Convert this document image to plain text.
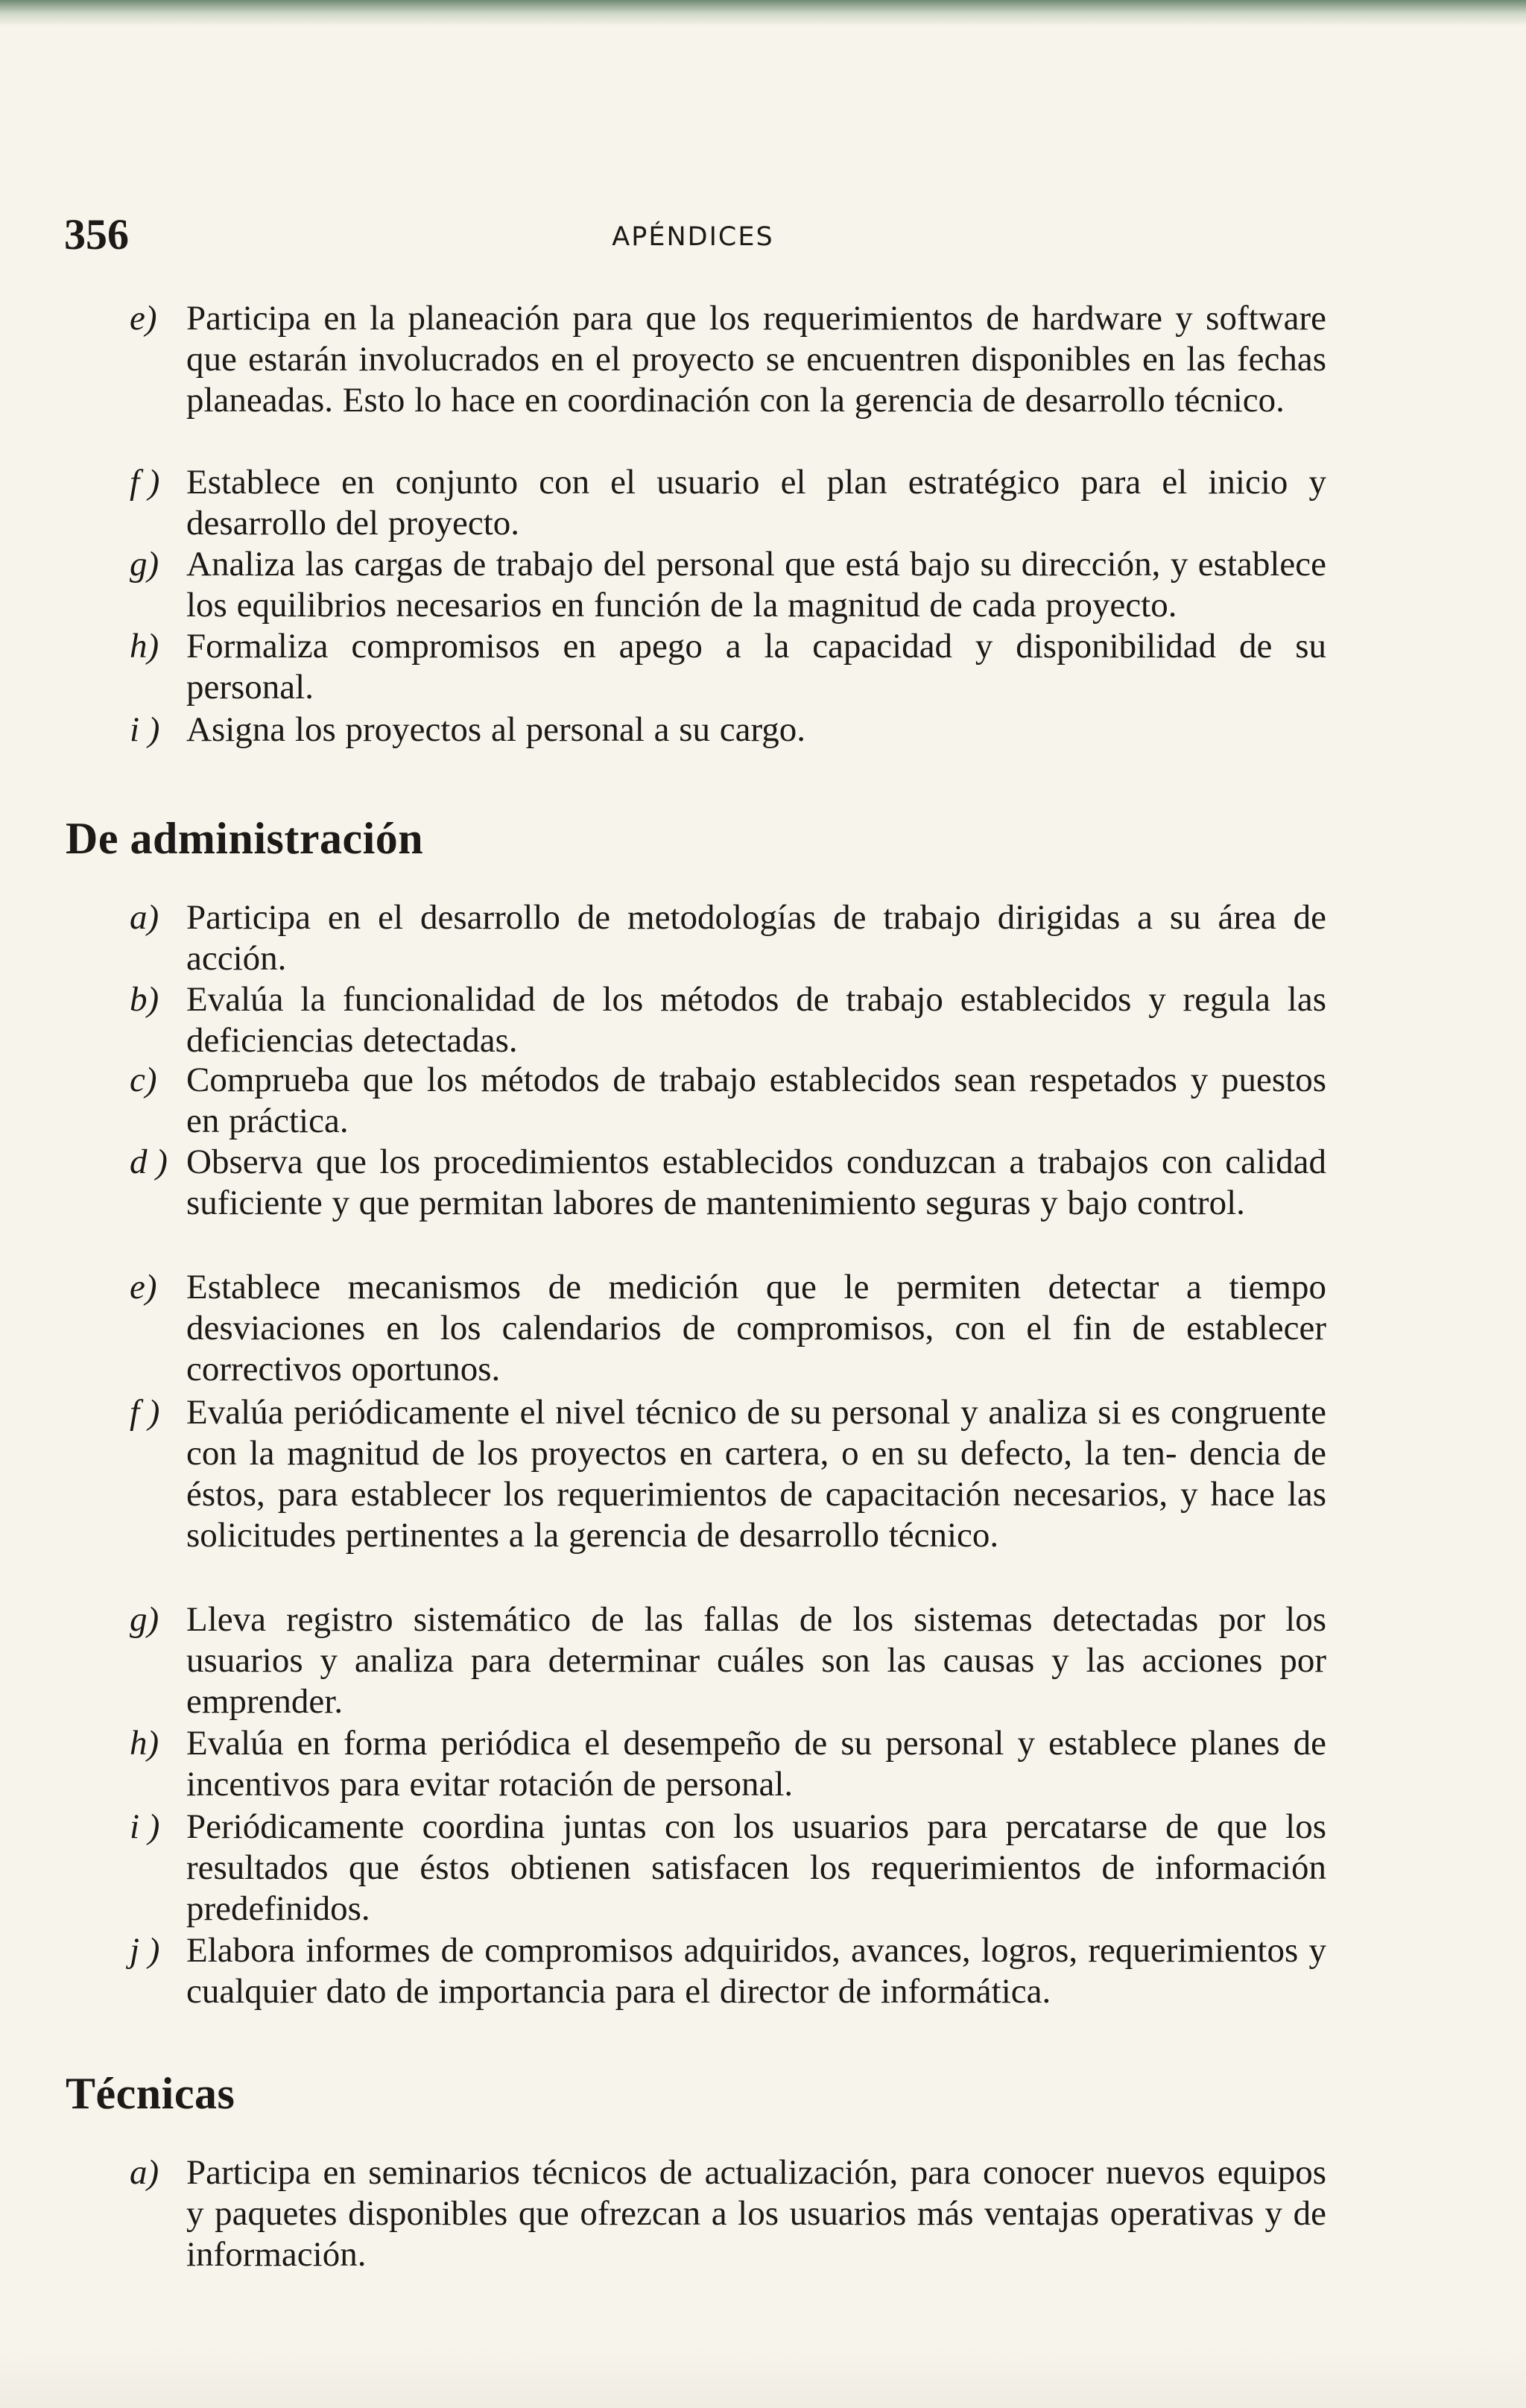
356	APÉNDICES
e) Participa en la planeación para que los requerimientos de hardware y software que estarán involucrados en el proyecto se encuentren disponibles en las fechas planeadas. Esto lo hace en coordinación con la gerencia de desarrollo técnico.
f ) Establece en conjunto con el usuario el plan estratégico para el inicio y desarrollo del proyecto.
g) Analiza las cargas de trabajo del personal que está bajo su dirección, y establece los equilibrios necesarios en función de la magnitud de cada proyecto.
h) Formaliza compromisos en apego a la capacidad y disponibilidad de su personal.
i ) Asigna los proyectos al personal a su cargo.
De administración
a) Participa en el desarrollo de metodologías de trabajo dirigidas a su área de acción.
b) Evalúa la funcionalidad de los métodos de trabajo establecidos y regula las deficiencias detectadas.
c) Comprueba que los métodos de trabajo establecidos sean respetados y puestos en práctica.
d ) Observa que los procedimientos establecidos conduzcan a trabajos con calidad suficiente y que permitan labores de mantenimiento seguras y bajo control.
e) Establece mecanismos de medición que le permiten detectar a tiempo desviaciones en los calendarios de compromisos, con el fin de establecer correctivos oportunos.
f ) Evalúa periódicamente el nivel técnico de su personal y analiza si es congruente con la magnitud de los proyectos en cartera, o en su defecto, la ten- dencia de éstos, para establecer los requerimientos de capacitación necesarios, y hace las solicitudes pertinentes a la gerencia de desarrollo técnico.
g) Lleva registro sistemático de las fallas de los sistemas detectadas por los usuarios y analiza para determinar cuáles son las causas y las acciones por emprender.
h) Evalúa en forma periódica el desempeño de su personal y establece planes de incentivos para evitar rotación de personal.
i ) Periódicamente coordina juntas con los usuarios para percatarse de que los resultados que éstos obtienen satisfacen los requerimientos de información predefinidos.
j ) Elabora informes de compromisos adquiridos, avances, logros, requerimientos y cualquier dato de importancia para el director de informática.
Técnicas
a) Participa en seminarios técnicos de actualización, para conocer nuevos equipos y paquetes disponibles que ofrezcan a los usuarios más ventajas operativas y de información.
